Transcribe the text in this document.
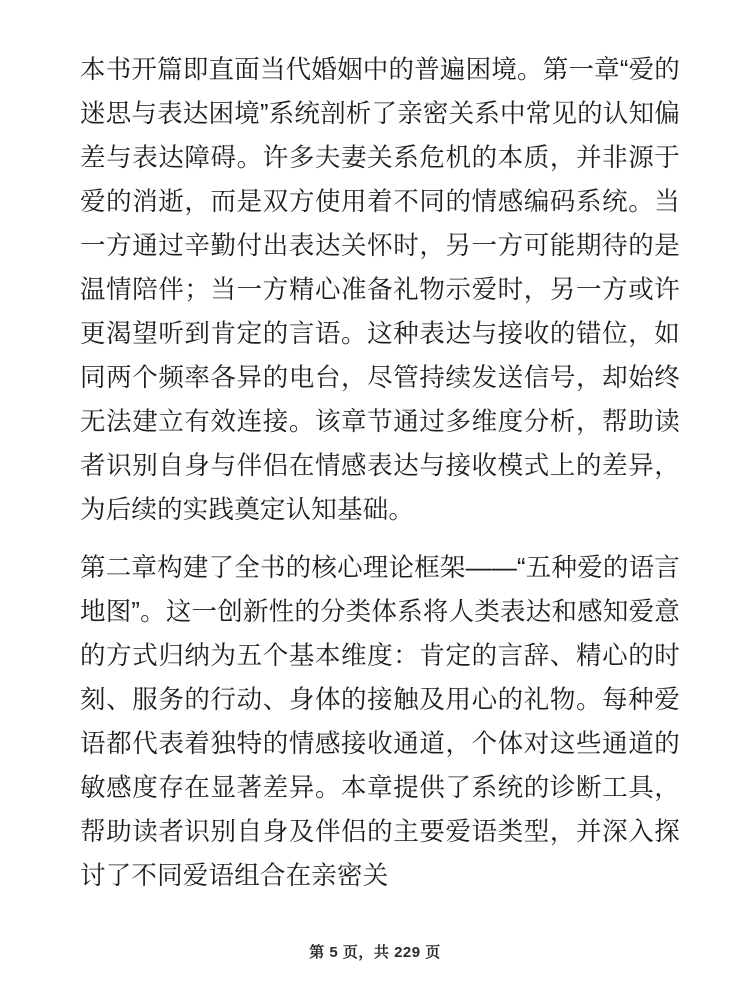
本书开篇即直面当代婚姻中的普遍困境。第一章“爱的迷思与表达困境”系统剖析了亲密关系中常见的认知偏差与表达障碍。许多夫妻关系危机的本质，并非源于爱的消逝，而是双方使用着不同的情感编码系统。当一方通过辛勤付出表达关怀时，另一方可能期待的是温情陪伴；当一方精心准备礼物示爱时，另一方或许更渴望听到肯定的言语。这种表达与接收的错位，如同两个频率各异的电台，尽管持续发送信号，却始终无法建立有效连接。该章节通过多维度分析，帮助读者识别自身与伴侣在情感表达与接收模式上的差异，为后续的实践奠定认知基础。

第二章构建了全书的核心理论框架——“五种爱的语言地图”。这一创新性的分类体系将人类表达和感知爱意的方式归纳为五个基本维度：肯定的言辞、精心的时刻、服务的行动、身体的接触及用心的礼物。每种爱语都代表着独特的情感接收通道，个体对这些通道的敏感度存在显著差异。本章提供了系统的诊断工具，帮助读者识别自身及伴侣的主要爱语类型，并深入探讨了不同爱语组合在亲密关

第 5 页，共 229 页
